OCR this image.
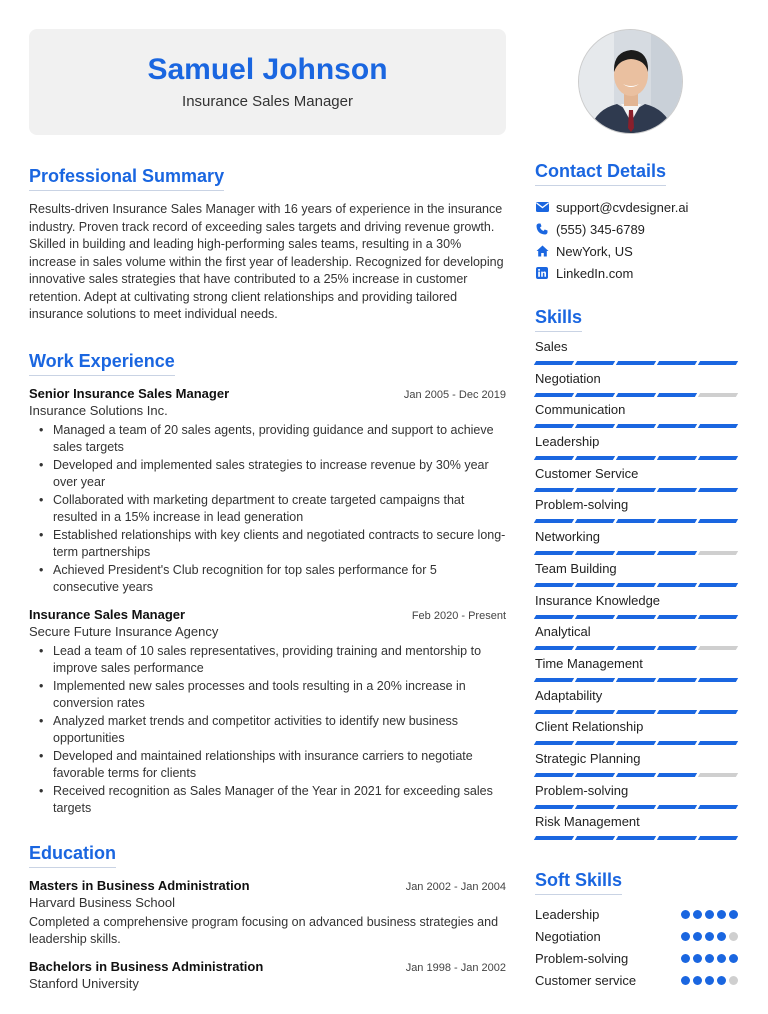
Samuel Johnson
Insurance Sales Manager
Professional Summary

Results-driven Insurance Sales Manager with 16 years of experience in the insurance industry. Proven track record of exceeding sales targets and driving revenue growth. Skilled in building and leading high-performing sales teams, resulting in a 30% increase in sales volume within the first year of leadership. Recognized for developing innovative sales strategies that have contributed to a 25% increase in customer retention. Adept at cultivating strong client relationships and providing tailored insurance solutions to meet individual needs.

Work Experience
Senior Insurance Sales Manager	Jan 2005 - Dec 2019
Insurance Solutions Inc.
• Managed a team of 20 sales agents, providing guidance and support to achieve sales targets
• Developed and implemented sales strategies to increase revenue by 30% year over year
• Collaborated with marketing department to create targeted campaigns that resulted in a 15% increase in lead generation
• Established relationships with key clients and negotiated contracts to secure long-term partnerships
• Achieved President's Club recognition for top sales performance for 5 consecutive years
Insurance Sales Manager	Feb 2020 - Present
Secure Future Insurance Agency
• Lead a team of 10 sales representatives, providing training and mentorship to improve sales performance
• Implemented new sales processes and tools resulting in a 20% increase in conversion rates
• Analyzed market trends and competitor activities to identify new business opportunities
• Developed and maintained relationships with insurance carriers to negotiate favorable terms for clients
• Received recognition as Sales Manager of the Year in 2021 for exceeding sales targets
Education
Masters in Business Administration	Jan 2002 - Jan 2004
Harvard Business School

Completed a comprehensive program focusing on advanced business strategies and leadership skills.

Bachelors in Business Administration	Jan 1998 - Jan 2002
Stanford University
Contact Details
support@cvdesigner.ai
(555) 345-6789
NewYork, US
LinkedIn.com
Skills
Sales
Negotiation
Communication
Leadership
Customer Service
Problem-solving
Networking
Team Building
Insurance Knowledge
Analytical
Time Management
Adaptability
Client Relationship
Strategic Planning
Problem-solving
Risk Management
Soft Skills
Leadership
Negotiation
Problem-solving
Customer service
